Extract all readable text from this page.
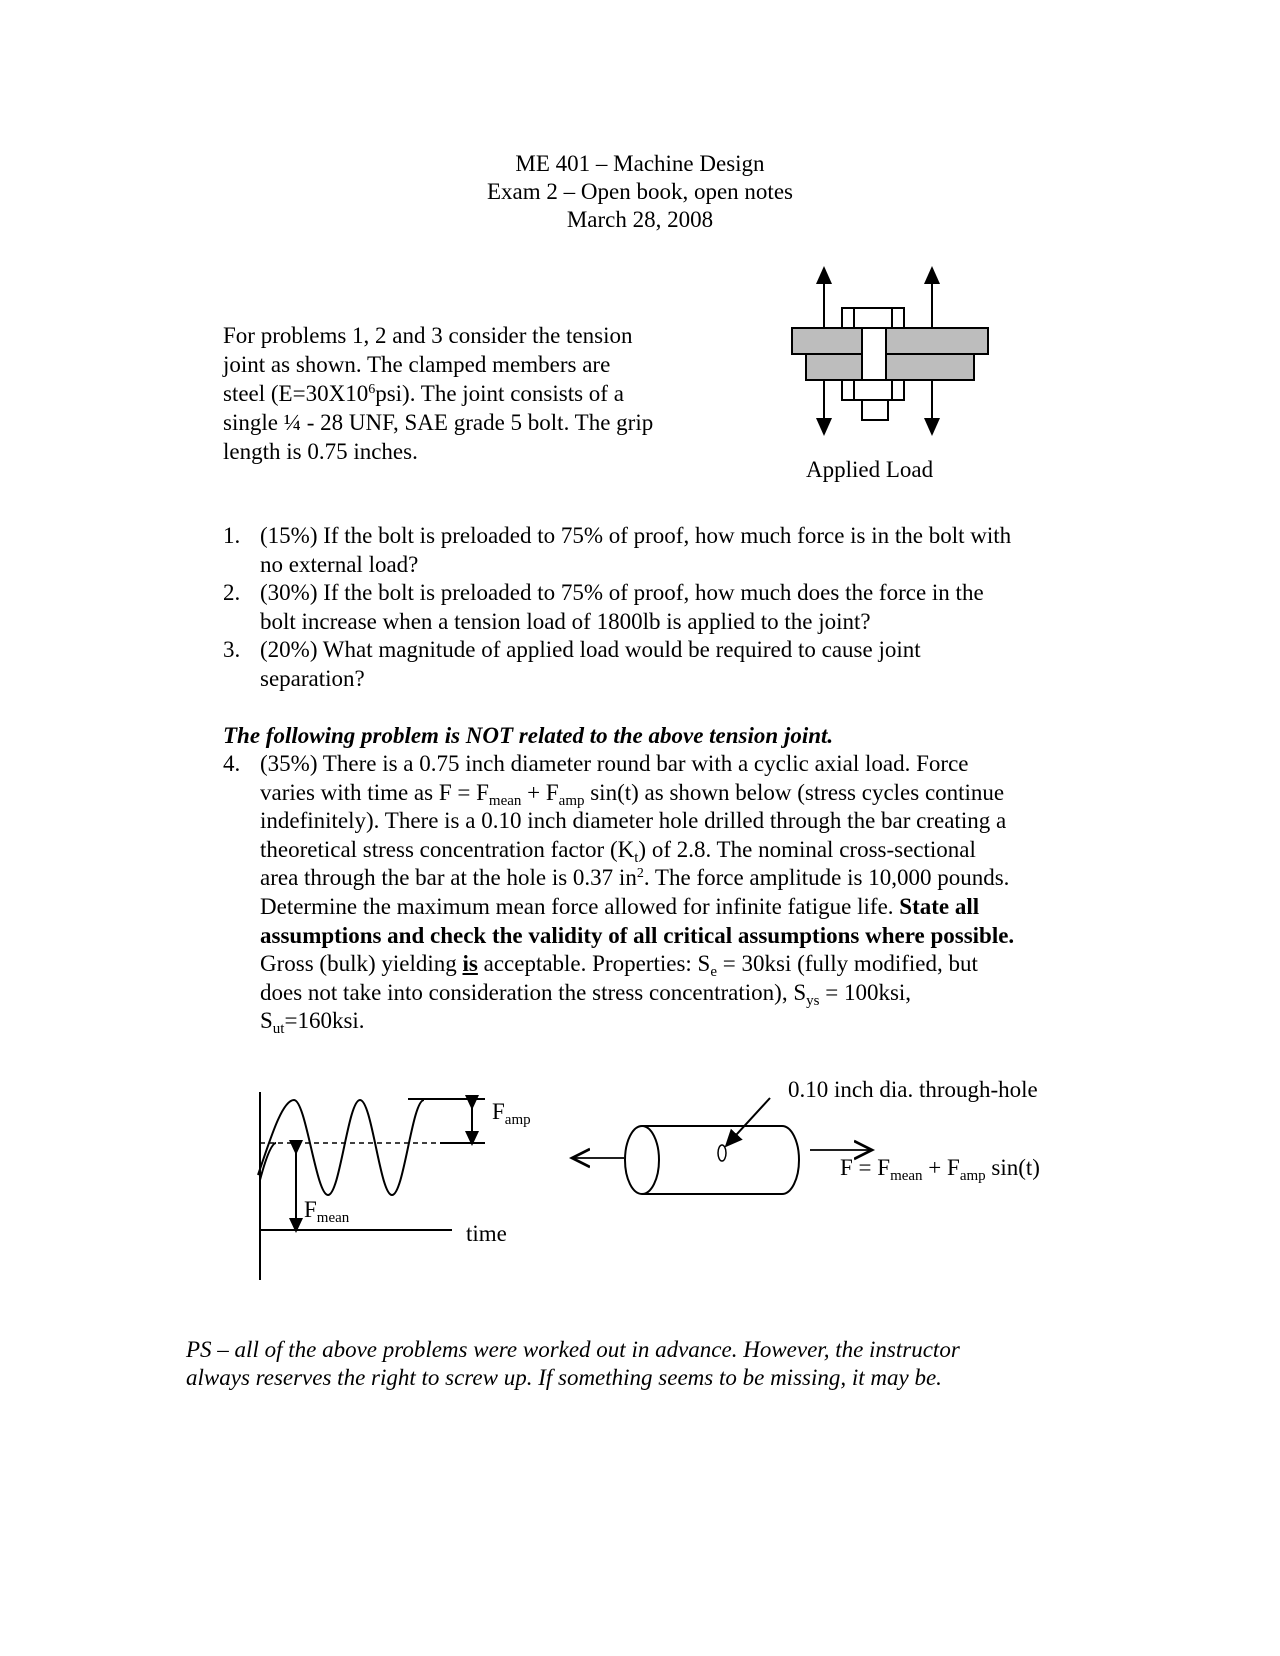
ME 401 – Machine Design
Exam 2 – Open book, open notes
March 28, 2008
For problems 1, 2 and 3 consider the tension
joint as shown. The clamped members are
steel $(E=30X10^6psi)$. The joint consists of a
single ¼ - 28 UNF, SAE grade 5 bolt. The grip
length is 0.75 inches.
Applied Load
1. (15%) If the bolt is preloaded to 75% of proof, how much force is in the bolt with
no external load?
2. (30%) If the bolt is preloaded to 75% of proof, how much does the force in the
bolt increase when a tension load of 1800lb is applied to the joint?
3. (20%) What magnitude of applied load would be required to cause joint
separation?
The following problem is NOT related to the above tension joint.
4. (35%) There is a 0.75 inch diameter round bar with a cyclic axial load. Force
varies with time as $F = F_{mean} + F_{amp}$ sin(t) as shown below (stress cycles continue
indefinitely). There is a 0.10 inch diameter hole drilled through the bar creating a
theoretical stress concentration factor $(K_t)$ of 2.8. The nominal cross-sectional
area through the bar at the hole is 0.37 $in^2$. The force amplitude is 10,000 pounds.
Determine the maximum mean force allowed for infinite fatigue life. State all
assumptions and check the validity of all critical assumptions where possible.
Gross (bulk) yielding is acceptable. Properties: $S_e = 30ksi$ (fully modified, but
does not take into consideration the stress concentration), $S_{ys} = 100ksi$,
$S_{ut}=160ksi$.
$F_{amp}$
$F_{mean}$
time
0.10 inch dia. through-hole
$F = F_{mean} + F_{amp}$ sin(t)
PS – all of the above problems were worked out in advance. However, the instructor
always reserves the right to screw up. If something seems to be missing, it may be.
